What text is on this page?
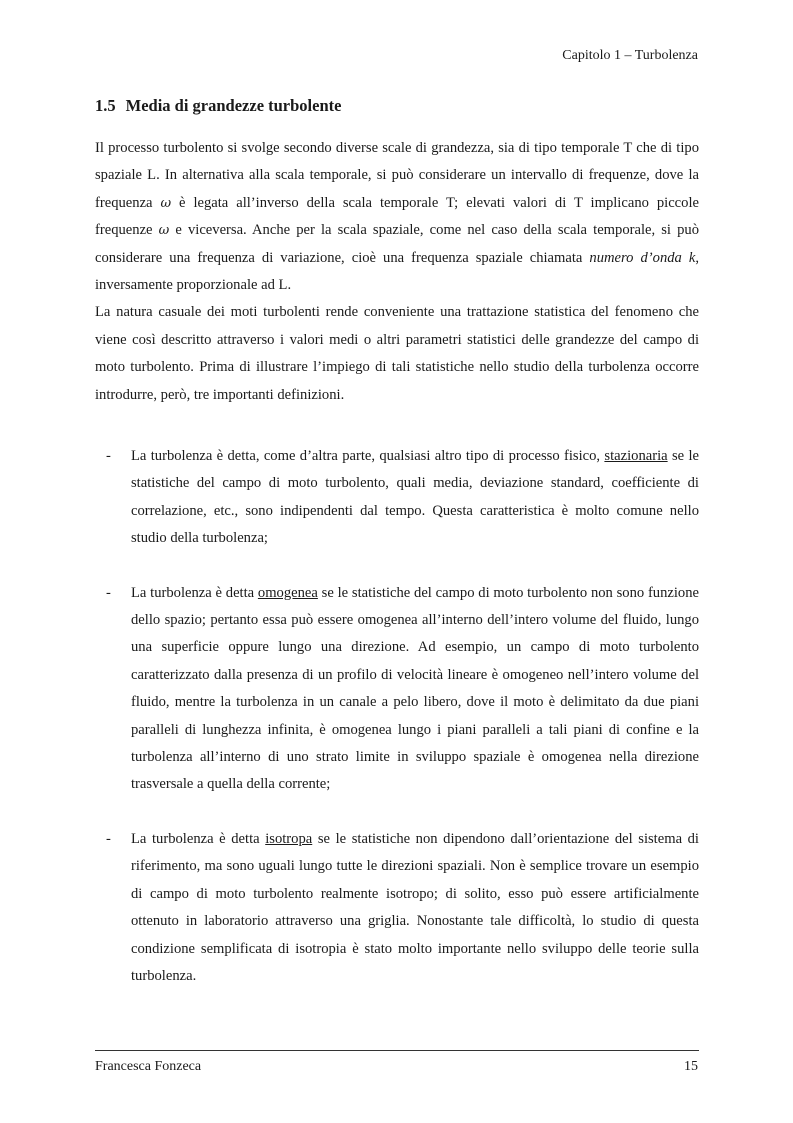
Capitolo 1 – Turbolenza
1.5 Media di grandezze turbolente

Il processo turbolento si svolge secondo diverse scale di grandezza, sia di tipo temporale T che di tipo spaziale L. In alternativa alla scala temporale, si può considerare un intervallo di frequenze, dove la frequenza ω è legata all’inverso della scala temporale T; elevati valori di T implicano piccole frequenze ω e viceversa. Anche per la scala spaziale, come nel caso della scala temporale, si può considerare una frequenza di variazione, cioè una frequenza spaziale chiamata numero d’onda k, inversamente proporzionale ad L.

La natura casuale dei moti turbolenti rende conveniente una trattazione statistica del fenomeno che viene così descritto attraverso i valori medi o altri parametri statistici delle grandezze del campo di moto turbolento. Prima di illustrare l’impiego di tali statistiche nello studio della turbolenza occorre introdurre, però, tre importanti definizioni.

-	La turbolenza è detta, come d’altra parte, qualsiasi altro tipo di processo fisico, stazionaria se le statistiche del campo di moto turbolento, quali media, deviazione standard, coefficiente di correlazione, etc., sono indipendenti dal tempo. Questa caratteristica è molto comune nello studio della turbolenza;
-	La turbolenza è detta omogenea se le statistiche del campo di moto turbolento non sono funzione dello spazio; pertanto essa può essere omogenea all’interno dell’intero volume del fluido, lungo una superficie oppure lungo una direzione. Ad esempio, un campo di moto turbolento caratterizzato dalla presenza di un profilo di velocità lineare è omogeneo nell’intero volume del fluido, mentre la turbolenza in un canale a pelo libero, dove il moto è delimitato da due piani paralleli di lunghezza infinita, è omogenea lungo i piani paralleli a tali piani di confine e la turbolenza all’interno di uno strato limite in sviluppo spaziale è omogenea nella direzione trasversale a quella della corrente;
-	La turbolenza è detta isotropa se le statistiche non dipendono dall’orientazione del sistema di riferimento, ma sono uguali lungo tutte le direzioni spaziali. Non è semplice trovare un esempio di campo di moto turbolento realmente isotropo; di solito, esso può essere artificialmente ottenuto in laboratorio attraverso una griglia. Nonostante tale difficoltà, lo studio di questa condizione semplificata di isotropia è stato molto importante nello sviluppo delle teorie sulla turbolenza.
Francesca Fonzeca	15
